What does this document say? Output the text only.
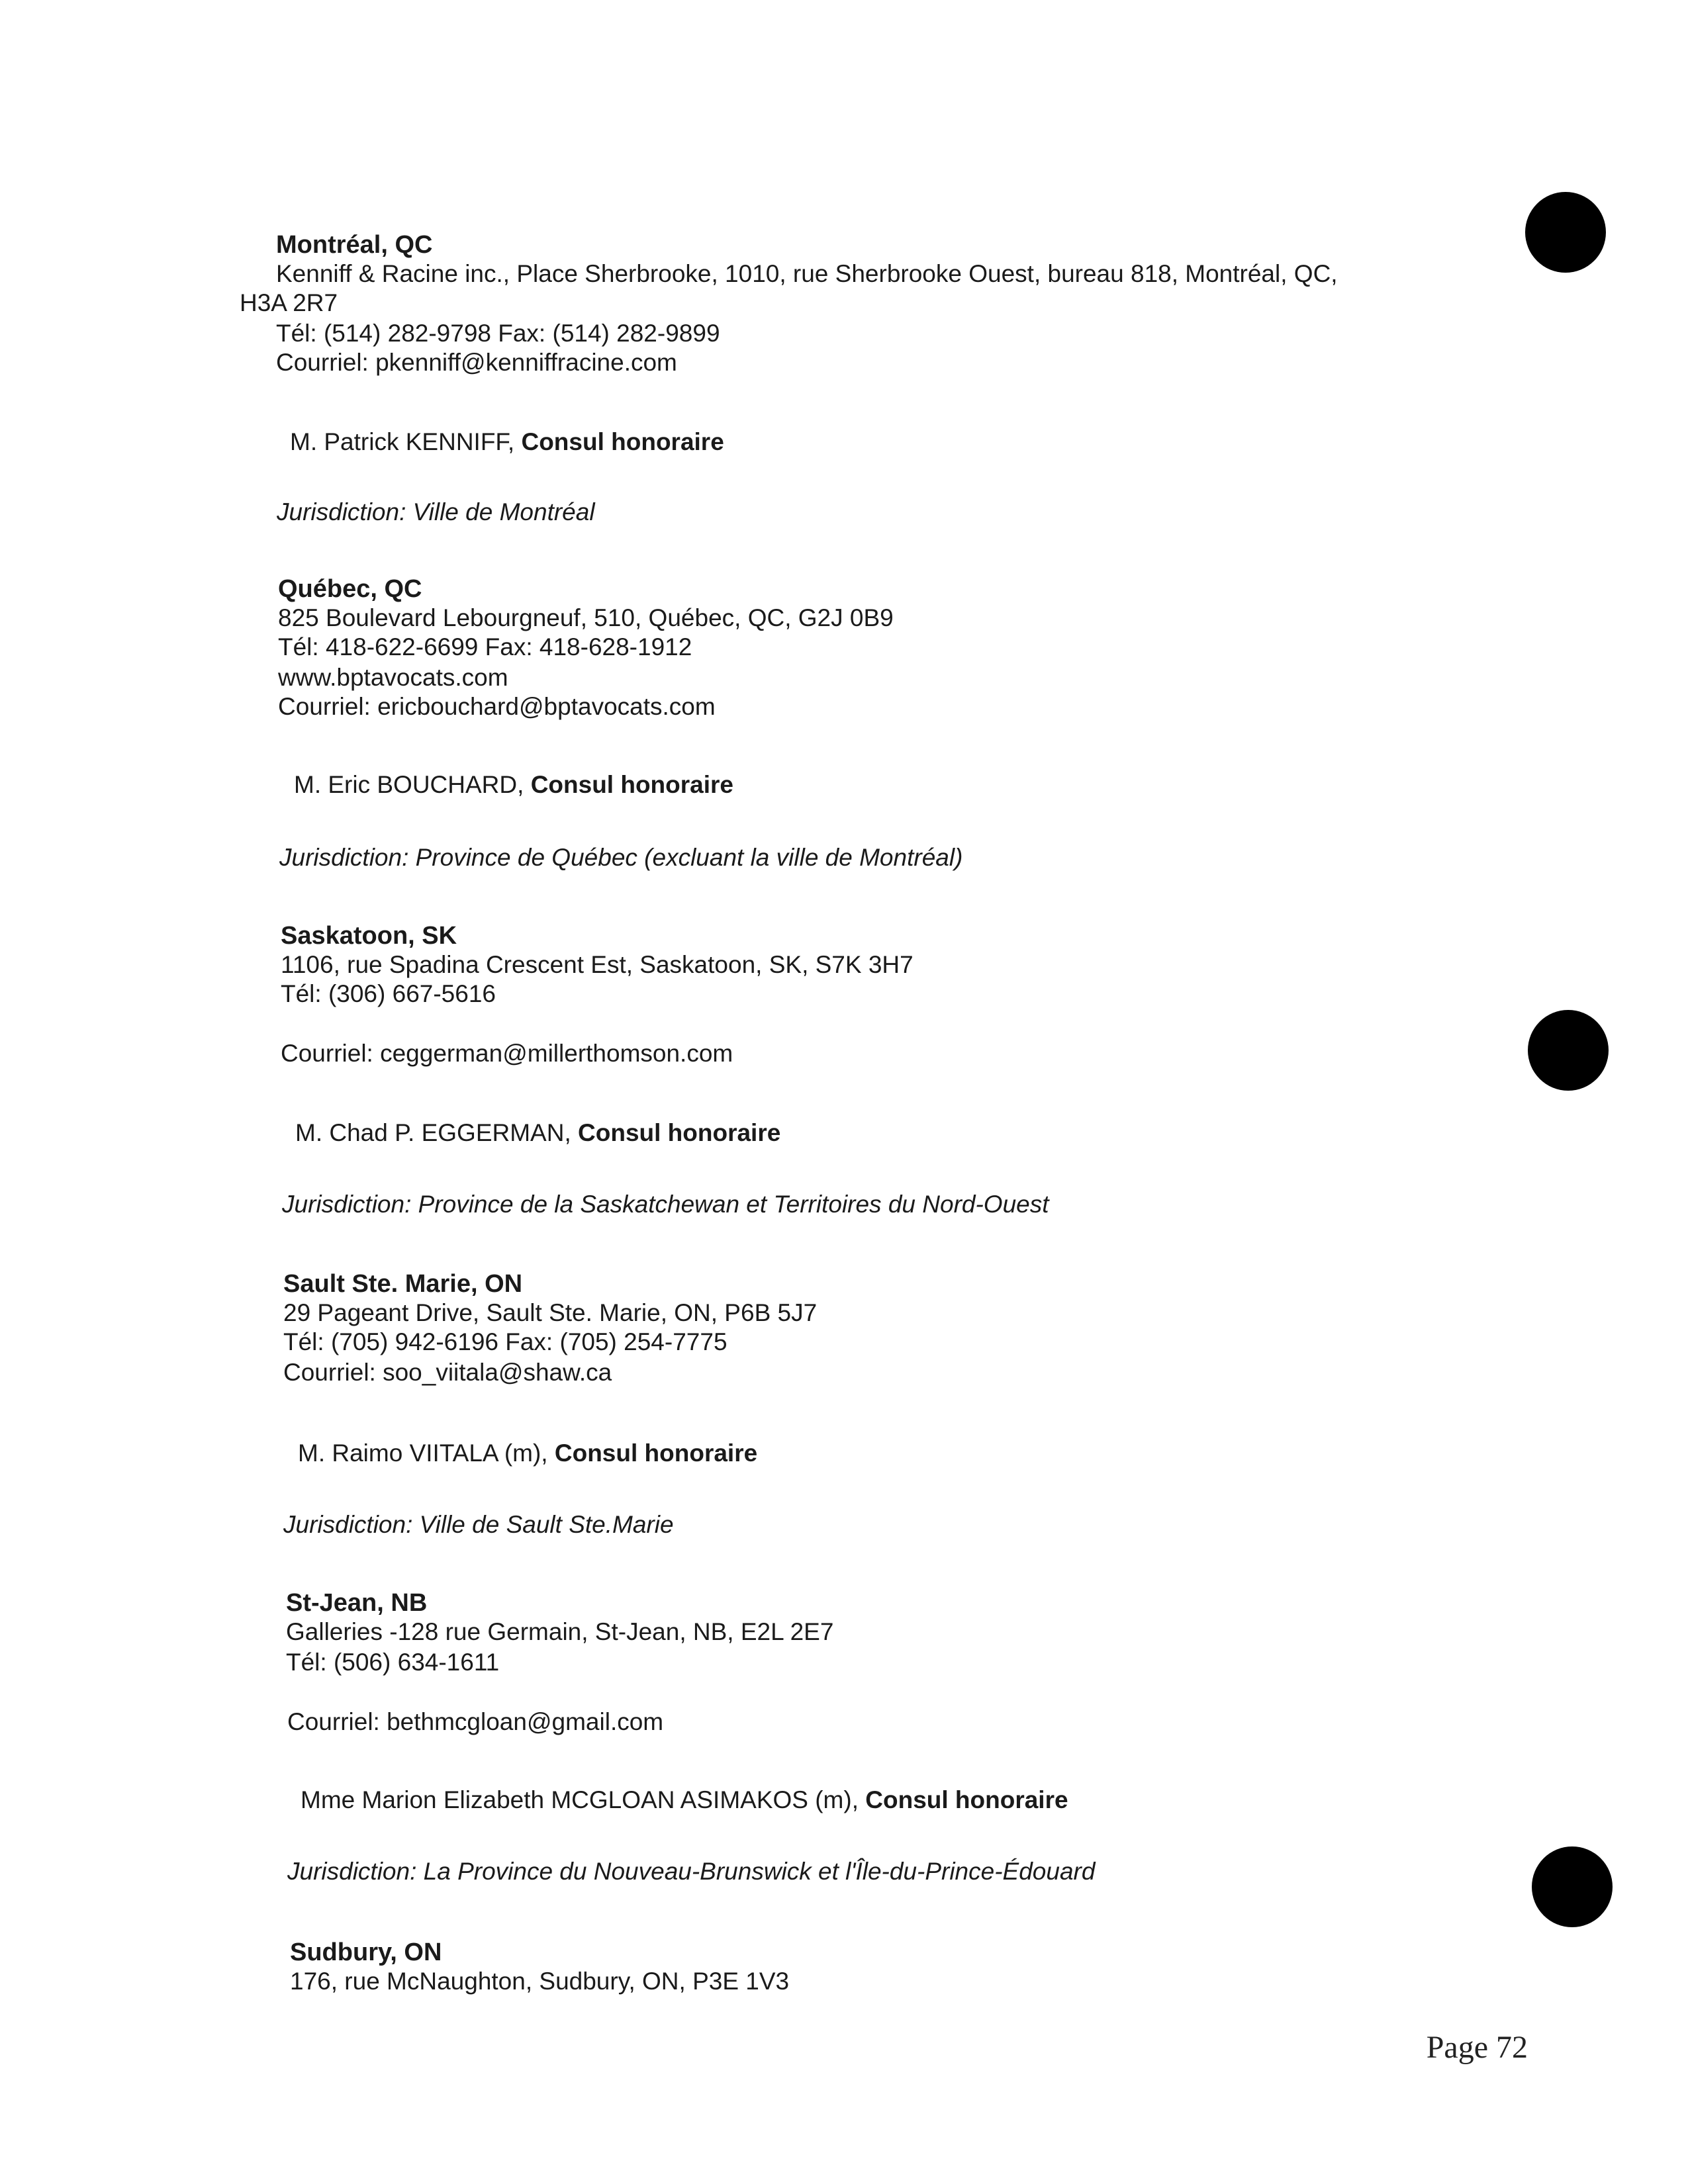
Montréal, QC
Kenniff & Racine inc., Place Sherbrooke, 1010, rue Sherbrooke Ouest, bureau 818, Montréal, QC,
H3A 2R7
Tél: (514) 282-9798 Fax: (514) 282-9899
Courriel: pkenniff@kenniffracine.com
M. Patrick KENNIFF, Consul honoraire
Jurisdiction: Ville de Montréal
Québec, QC
825 Boulevard Lebourgneuf, 510, Québec, QC, G2J 0B9
Tél: 418-622-6699 Fax: 418-628-1912
www.bptavocats.com
Courriel: ericbouchard@bptavocats.com
M. Eric BOUCHARD, Consul honoraire
Jurisdiction: Province de Québec (excluant la ville de Montréal)
Saskatoon, SK
1106, rue Spadina Crescent Est, Saskatoon, SK, S7K 3H7
Tél: (306) 667-5616
Courriel: ceggerman@millerthomson.com
M. Chad P. EGGERMAN, Consul honoraire
Jurisdiction: Province de la Saskatchewan et Territoires du Nord-Ouest
Sault Ste. Marie, ON
29 Pageant Drive, Sault Ste. Marie, ON, P6B 5J7
Tél: (705) 942-6196 Fax: (705) 254-7775
Courriel: soo_viitala@shaw.ca
M. Raimo VIITALA (m), Consul honoraire
Jurisdiction: Ville de Sault Ste.Marie
St-Jean, NB
Galleries -128 rue Germain, St-Jean, NB, E2L 2E7
Tél: (506) 634-1611
Courriel: bethmcgloan@gmail.com
Mme Marion Elizabeth MCGLOAN ASIMAKOS (m), Consul honoraire
Jurisdiction: La Province du Nouveau-Brunswick et l'Île-du-Prince-Édouard
Sudbury, ON
176, rue McNaughton, Sudbury, ON, P3E 1V3
Page 72
